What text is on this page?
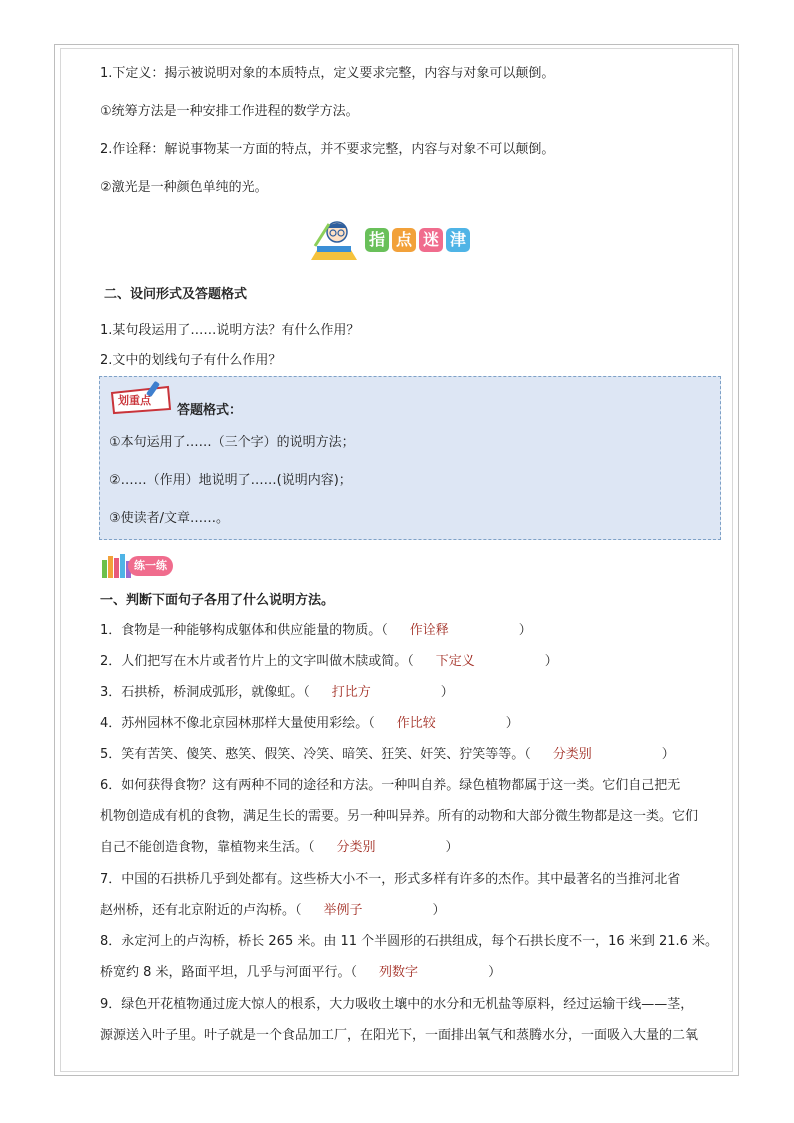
1.下定义：揭示被说明对象的本质特点，定义要求完整，内容与对象可以颠倒。
①统筹方法是一种安排工作进程的数学方法。
2.作诠释：解说事物某一方面的特点，并不要求完整，内容与对象不可以颠倒。
②激光是一种颜色单纯的光。
指 点 迷 津
二、设问形式及答题格式
1.某句段运用了……说明方法？有什么作用？
2.文中的划线句子有什么作用？
划重点
答题格式：
①本句运用了……（三个字）的说明方法；
②……（作用）地说明了……(说明内容)；
③使读者/文章……。
练一练
一、判断下面句子各用了什么说明方法。
1．食物是一种能够构成躯体和供应能量的物质。（ 作诠释	）
2．人们把写在木片或者竹片上的文字叫做木牍或简。（ 下定义	）
3．石拱桥，桥洞成弧形，就像虹。（ 打比方	）
4．苏州园林不像北京园林那样大量使用彩绘。（ 作比较	）
5．笑有苦笑、傻笑、憨笑、假笑、冷笑、暗笑、狂笑、奸笑、狞笑等等。（ 分类别	）
6．如何获得食物？这有两种不同的途径和方法。一种叫自养。绿色植物都属于这一类。它们自己把无
机物创造成有机的食物，满足生长的需要。另一种叫异养。所有的动物和大部分微生物都是这一类。它们
自己不能创造食物，靠植物来生活。（ 分类别	）
7．中国的石拱桥几乎到处都有。这些桥大小不一，形式多样有许多的杰作。其中最著名的当推河北省
赵州桥，还有北京附近的卢沟桥。（ 举例子	）
8．永定河上的卢沟桥，桥长 265 米。由 11 个半圆形的石拱组成，每个石拱长度不一，16 米到 21.6 米。
桥宽约 8 米，路面平坦，几乎与河面平行。（ 列数字	）
9．绿色开花植物通过庞大惊人的根系，大力吸收土壤中的水分和无机盐等原料，经过运输干线——茎，
源源送入叶子里。叶子就是一个食品加工厂，在阳光下，一面排出氧气和蒸腾水分，一面吸入大量的二氧
